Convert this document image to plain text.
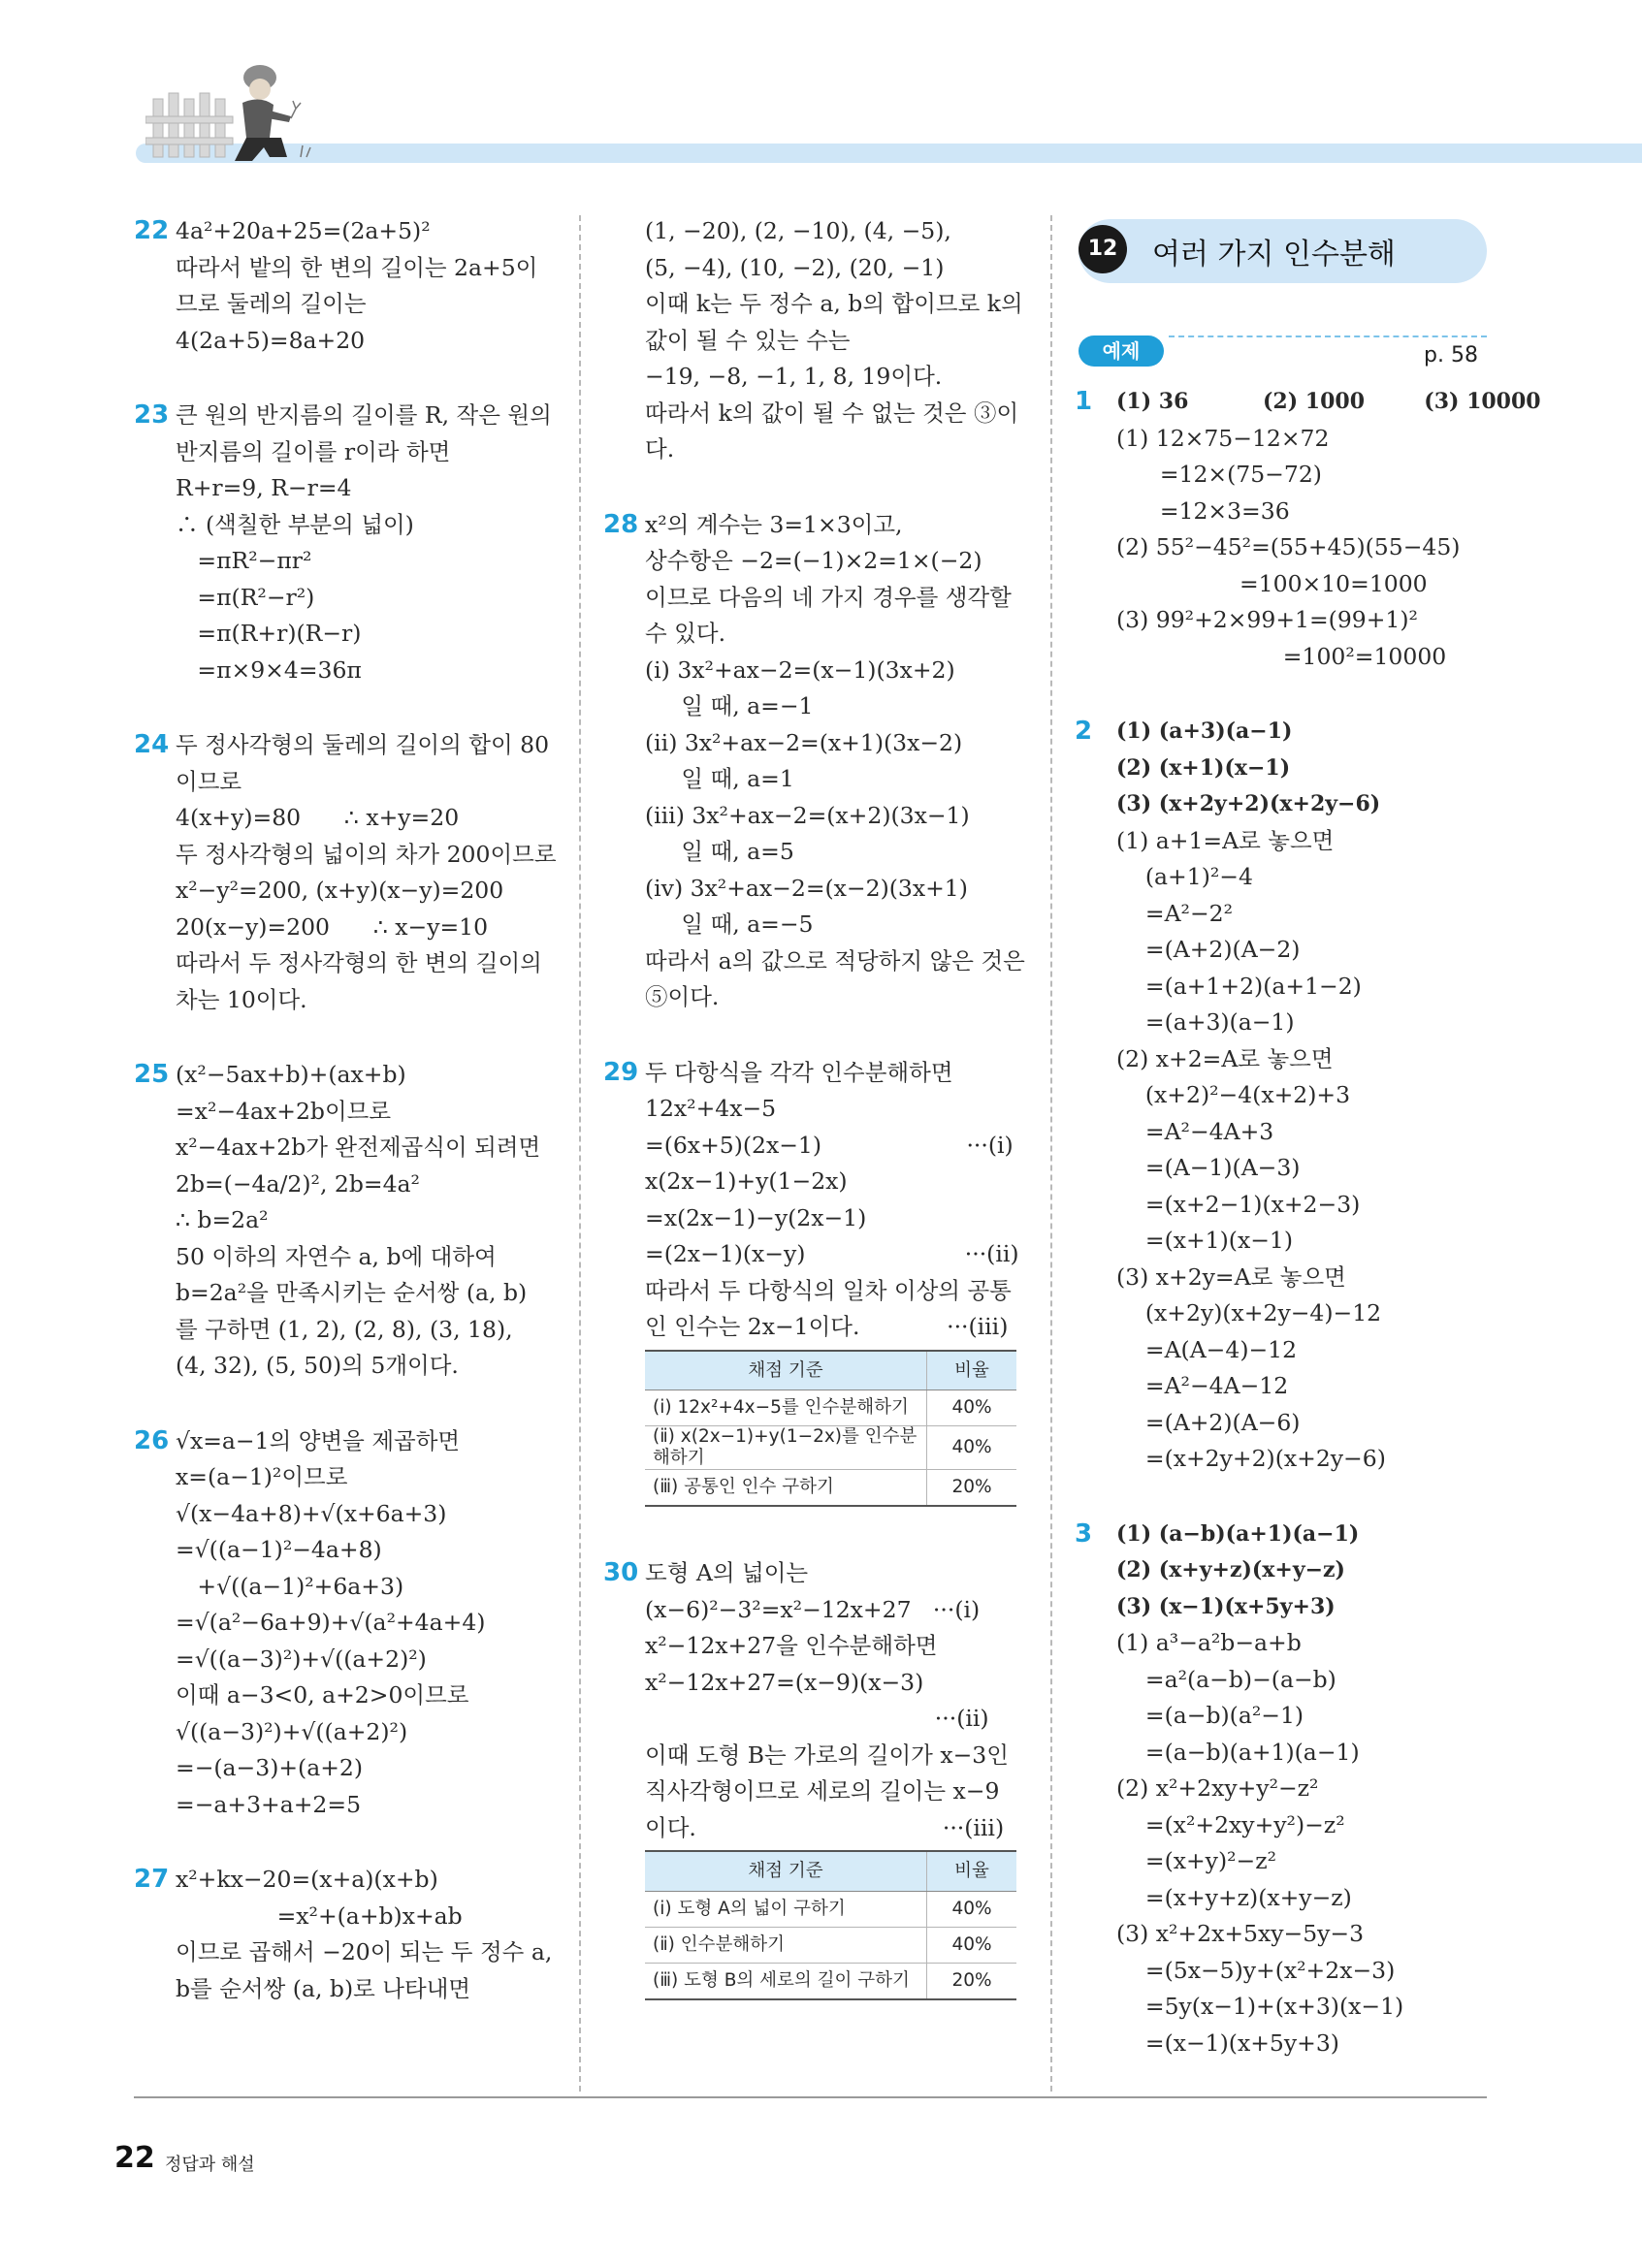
12강
여러 가지 인수분해
예제	p. 58
22 4a²+20a+25=(2a+5)²
따라서 밭의 한 변의 길이는 2a+5이
므로 둘레의 길이는
4(2a+5)=8a+20
23 큰 원의 반지름의 길이를 R, 작은 원의
반지름의 길이를 r이라 하면
R+r=9, R−r=4
∴ (색칠한 부분의 넓이)
=πR²−πr²
=π(R²−r²)
=π(R+r)(R−r)
=π×9×4=36π
24 두 정사각형의 둘레의 길이의 합이 80
이므로
4(x+y)=80      ∴ x+y=20
두 정사각형의 넓이의 차가 200이므로
x²−y²=200, (x+y)(x−y)=200
20(x−y)=200      ∴ x−y=10
따라서 두 정사각형의 한 변의 길이의
차는 10이다.
25 (x²−5ax+b)+(ax+b)
=x²−4ax+2b이므로
x²−4ax+2b가 완전제곱식이 되려면
2b=(−4a/2)², 2b=4a²
∴ b=2a²
50 이하의 자연수 a, b에 대하여
b=2a²을 만족시키는 순서쌍 (a, b)
를 구하면 (1, 2), (2, 8), (3, 18),
(4, 32), (5, 50)의 5개이다.
26 √x=a−1의 양변을 제곱하면
x=(a−1)²이므로
√(x−4a+8)+√(x+6a+3)
=√((a−1)²−4a+8)
+√((a−1)²+6a+3)
=√(a²−6a+9)+√(a²+4a+4)
=√((a−3)²)+√((a+2)²)
이때 a−3<0, a+2>0이므로
√((a−3)²)+√((a+2)²)
=−(a−3)+(a+2)
=−a+3+a+2=5
27 x²+kx−20=(x+a)(x+b)
=x²+(a+b)x+ab
이므로 곱해서 −20이 되는 두 정수 a,
b를 순서쌍 (a, b)로 나타내면
(1, −20), (2, −10), (4, −5),
(5, −4), (10, −2), (20, −1)
이때 k는 두 정수 a, b의 합이므로 k의
값이 될 수 있는 수는
−19, −8, −1, 1, 8, 19이다.
따라서 k의 값이 될 수 없는 것은 ③이
다.
28 x²의 계수는 3=1×3이고,
상수항은 −2=(−1)×2=1×(−2)
이므로 다음의 네 가지 경우를 생각할
수 있다.
(ⅰ) 3x²+ax−2=(x−1)(3x+2)
일 때, a=−1
(ⅱ) 3x²+ax−2=(x+1)(3x−2)
일 때, a=1
(ⅲ) 3x²+ax−2=(x+2)(3x−1)
일 때, a=5
(ⅳ) 3x²+ax−2=(x−2)(3x+1)
일 때, a=−5
따라서 a의 값으로 적당하지 않은 것은
⑤이다.
29 두 다항식을 각각 인수분해하면
12x²+4x−5
=(6x+5)(2x−1)                    ···(ⅰ)
x(2x−1)+y(1−2x)
=x(2x−1)−y(2x−1)
=(2x−1)(x−y)                      ···(ⅱ)
따라서 두 다항식의 일차 이상의 공통
인 인수는 2x−1이다.            ···(ⅲ)
채점 기준	비율
(ⅰ) 12x²+4x−5를 인수분해하기	40%
(ⅱ) x(2x−1)+y(1−2x)를 인수분해하기	40%
(ⅲ) 공통인 인수 구하기	20%
30 도형 A의 넓이는
(x−6)²−3²=x²−12x+27   ···(ⅰ)
x²−12x+27을 인수분해하면
x²−12x+27=(x−9)(x−3)
···(ⅱ)
이때 도형 B는 가로의 길이가 x−3인
직사각형이므로 세로의 길이는 x−9
이다.                                  ···(ⅲ)
채점 기준	비율
(ⅰ) 도형 A의 넓이 구하기	40%
(ⅱ) 인수분해하기	40%
(ⅲ) 도형 B의 세로의 길이 구하기	20%
1	(1) 36          (2) 1000        (3) 10000
(1) 12×75−12×72
=12×(75−72)
=12×3=36
(2) 55²−45²=(55+45)(55−45)
=100×10=1000
(3) 99²+2×99+1=(99+1)²
=100²=10000
2	(1) (a+3)(a−1)
(2) (x+1)(x−1)
(3) (x+2y+2)(x+2y−6)
(1) a+1=A로 놓으면
(a+1)²−4
=A²−2²
=(A+2)(A−2)
=(a+1+2)(a+1−2)
=(a+3)(a−1)
(2) x+2=A로 놓으면
(x+2)²−4(x+2)+3
=A²−4A+3
=(A−1)(A−3)
=(x+2−1)(x+2−3)
=(x+1)(x−1)
(3) x+2y=A로 놓으면
(x+2y)(x+2y−4)−12
=A(A−4)−12
=A²−4A−12
=(A+2)(A−6)
=(x+2y+2)(x+2y−6)
3	(1) (a−b)(a+1)(a−1)
(2) (x+y+z)(x+y−z)
(3) (x−1)(x+5y+3)
(1) a³−a²b−a+b
=a²(a−b)−(a−b)
=(a−b)(a²−1)
=(a−b)(a+1)(a−1)
(2) x²+2xy+y²−z²
=(x²+2xy+y²)−z²
=(x+y)²−z²
=(x+y+z)(x+y−z)
(3) x²+2x+5xy−5y−3
=(5x−5)y+(x²+2x−3)
=5y(x−1)+(x+3)(x−1)
=(x−1)(x+5y+3)
22 정답과 해설
